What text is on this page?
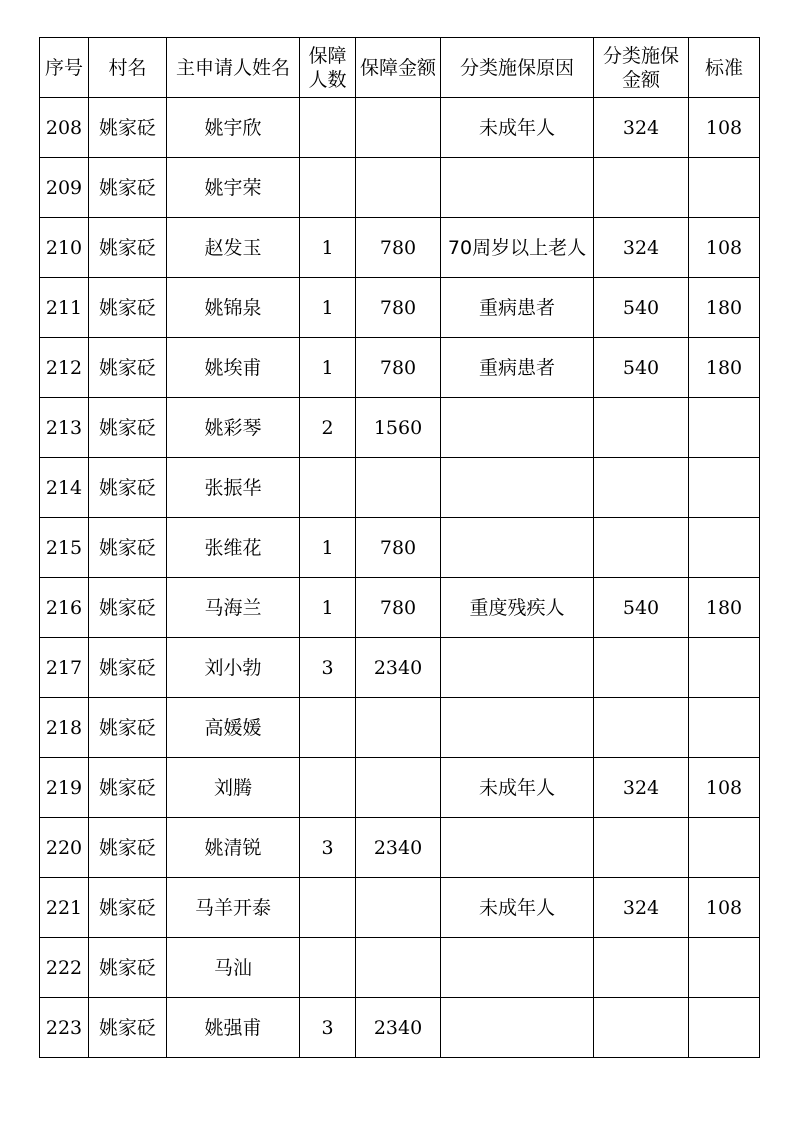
序号	村名	主申请人姓名	保障人数	保障金额	分类施保原因	分类施保金额	标准
208	姚家砭	姚宇欣			未成年人	324	108
209	姚家砭	姚宇荣					
210	姚家砭	赵发玉	1	780	70周岁以上老人	324	108
211	姚家砭	姚锦泉	1	780	重病患者	540	180
212	姚家砭	姚埃甫	1	780	重病患者	540	180
213	姚家砭	姚彩琴	2	1560			
214	姚家砭	张振华					
215	姚家砭	张维花	1	780			
216	姚家砭	马海兰	1	780	重度残疾人	540	180
217	姚家砭	刘小勃	3	2340			
218	姚家砭	高媛媛					
219	姚家砭	刘腾			未成年人	324	108
220	姚家砭	姚清锐	3	2340			
221	姚家砭	马羊开泰			未成年人	324	108
222	姚家砭	马汕					
223	姚家砭	姚强甫	3	2340			
